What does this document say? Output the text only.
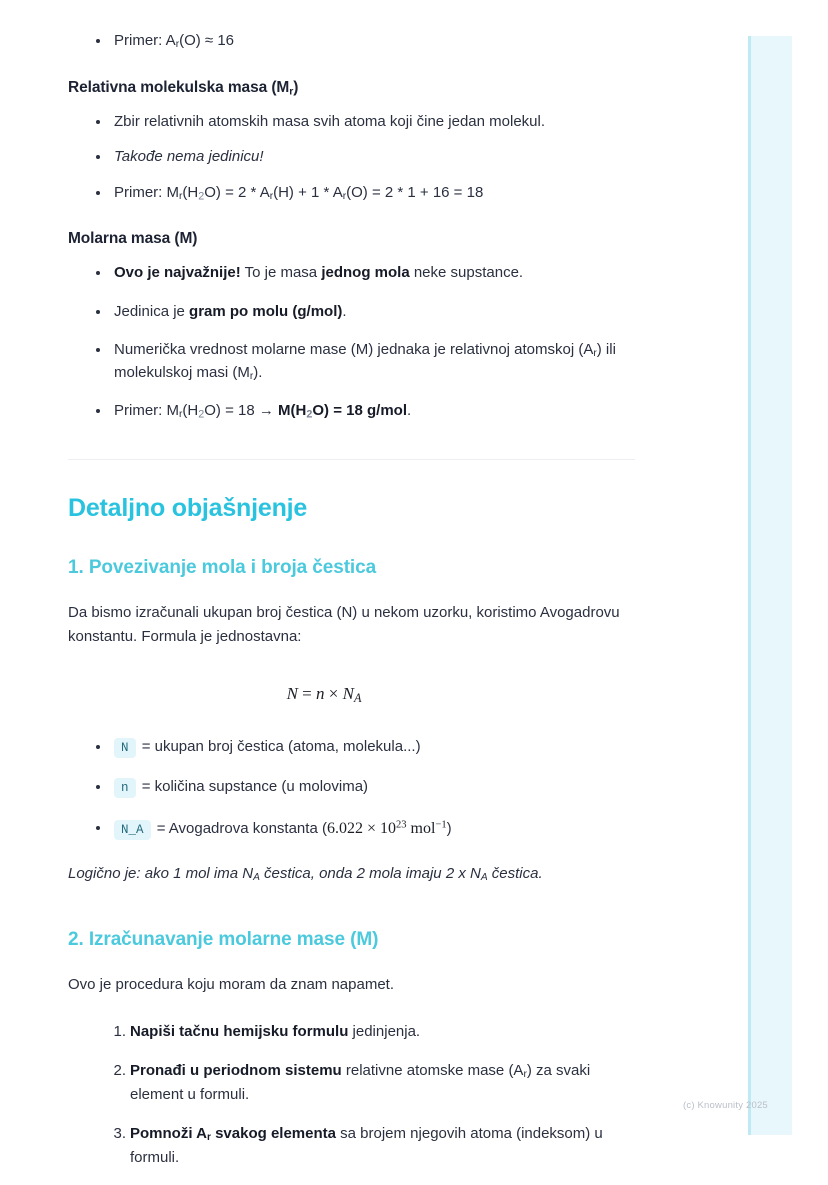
Primer: $A_r(O) \approx 16$
Relativna molekulska masa $(M_r)$
Zbir relativnih atomskih masa svih atoma koji čine jedan molekul.
Takođe nema jedinicu!
Primer: $M_r(H2O) = 2 * A_r(H) + 1 * A_r(O) = 2 * 1 + 16 = 18$
Molarna masa (M)
Ovo je najvažnije! To je masa jednog mola neke supstance.
Jedinica je gram po molu (g/mol).
Numerička vrednost molarne mase (M) jednaka je relativnoj atomskoj $(A_r)$ ili molekulskoj masi $(M_r)$.
Primer: $M_r(H2O) = 18 \to M(H2O) = 18$ g/mol.
Detaljno objašnjenje
1. Povezivanje mola i broja čestica

Da bismo izračunali ukupan broj čestica (N) u nekom uzorku, koristimo Avogadrovu konstantu. Formula je jednostavna:

N = n × NA
N = ukupan broj čestica (atoma, molekula...)
n = količina supstance (u molovima)
N_A = Avogadrova konstanta ($6.022 \times 10^{23}$ mol$^{-1}$)

Logično je: ako 1 mol ima $N_A$ čestica, onda 2 mola imaju 2 x $N_A$ čestica.

2. Izračunavanje molarne mase (M)

Ovo je procedura koju moram da znam napamet.

Napiši tačnu hemijsku formulu jedinjenja.
Pronađi u periodnom sistemu relativne atomske mase $(A_r)$ za svaki element u formuli.
Pomnoži $A_r$ svakog elementa sa brojem njegovih atoma (indeksom) u formuli.
(c) Knowunity 2025
